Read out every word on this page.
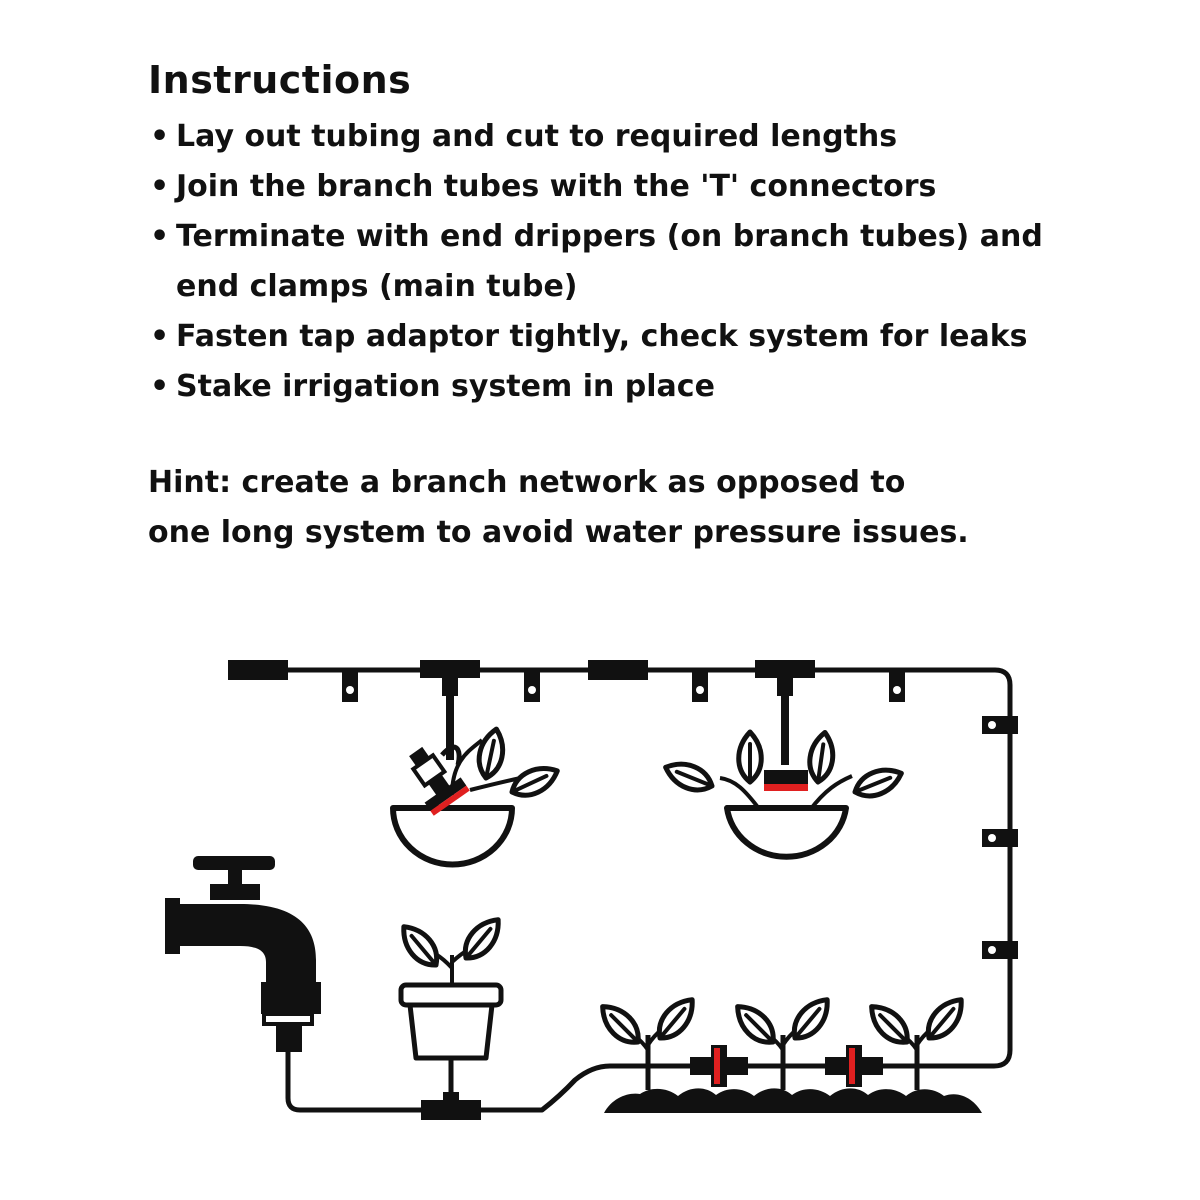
Instructions
• Lay out tubing and cut to required lengths
• Join the branch tubes with the 'T' connectors
• Terminate with end drippers (on branch tubes) and end clamps (main tube)
• Fasten tap adaptor tightly, check system for leaks
• Stake irrigation system in place
Hint: create a branch network as opposed to
one long system to avoid water pressure issues.
